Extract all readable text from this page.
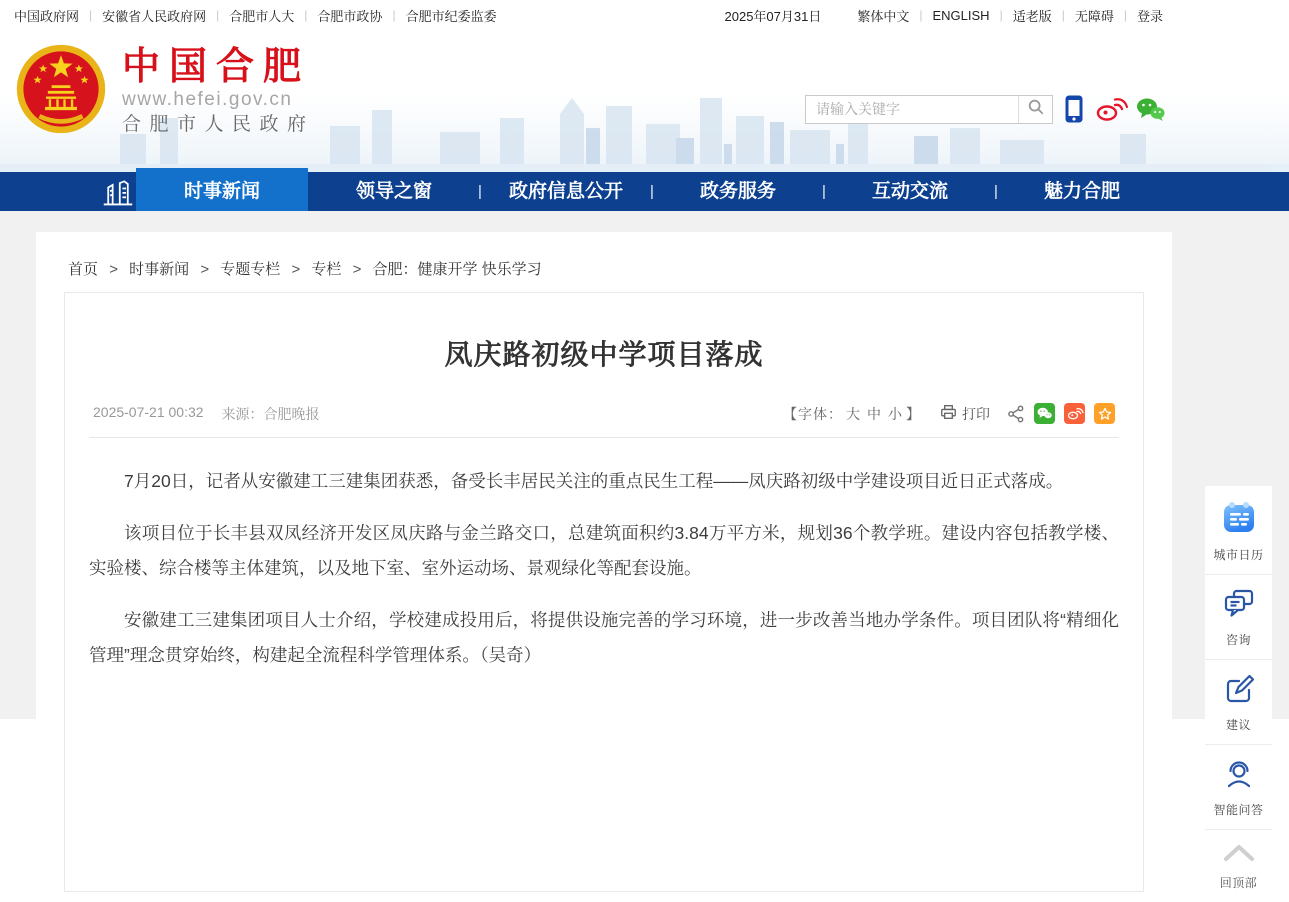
中国政府网 | 安徽省人民政府网 | 合肥市人大 | 合肥市政协 | 合肥市纪委监委	2025年07月31日	繁体中文 | ENGLISH | 适老版 | 无障碍 | 登录
中国合肥
www.hefei.gov.cn
合肥市人民政府
请输入关键字
时事新闻	领导之窗	|	政府信息公开	|	政务服务	|	互动交流	|	魅力合肥
首页 > 时事新闻 > 专题专栏 > 专栏 > 合肥：健康开学 快乐学习
凤庆路初级中学项目落成
2025-07-21 00:32 来源：合肥晚报	【字体： 大 中 小 】	打印

7月20日，记者从安徽建工三建集团获悉，备受长丰居民关注的重点民生工程——凤庆路初级中学建设项目近日正式落成。

该项目位于长丰县双凤经济开发区凤庆路与金兰路交口，总建筑面积约3.84万平方米，规划36个教学班。建设内容包括教学楼、实验楼、综合楼等主体建筑，以及地下室、室外运动场、景观绿化等配套设施。

安徽建工三建集团项目人士介绍，学校建成投用后，将提供设施完善的学习环境，进一步改善当地办学条件。项目团队将“精细化管理”理念贯穿始终，构建起全流程科学管理体系。（吴奇）

城市日历
咨询
建议
智能问答
回顶部
